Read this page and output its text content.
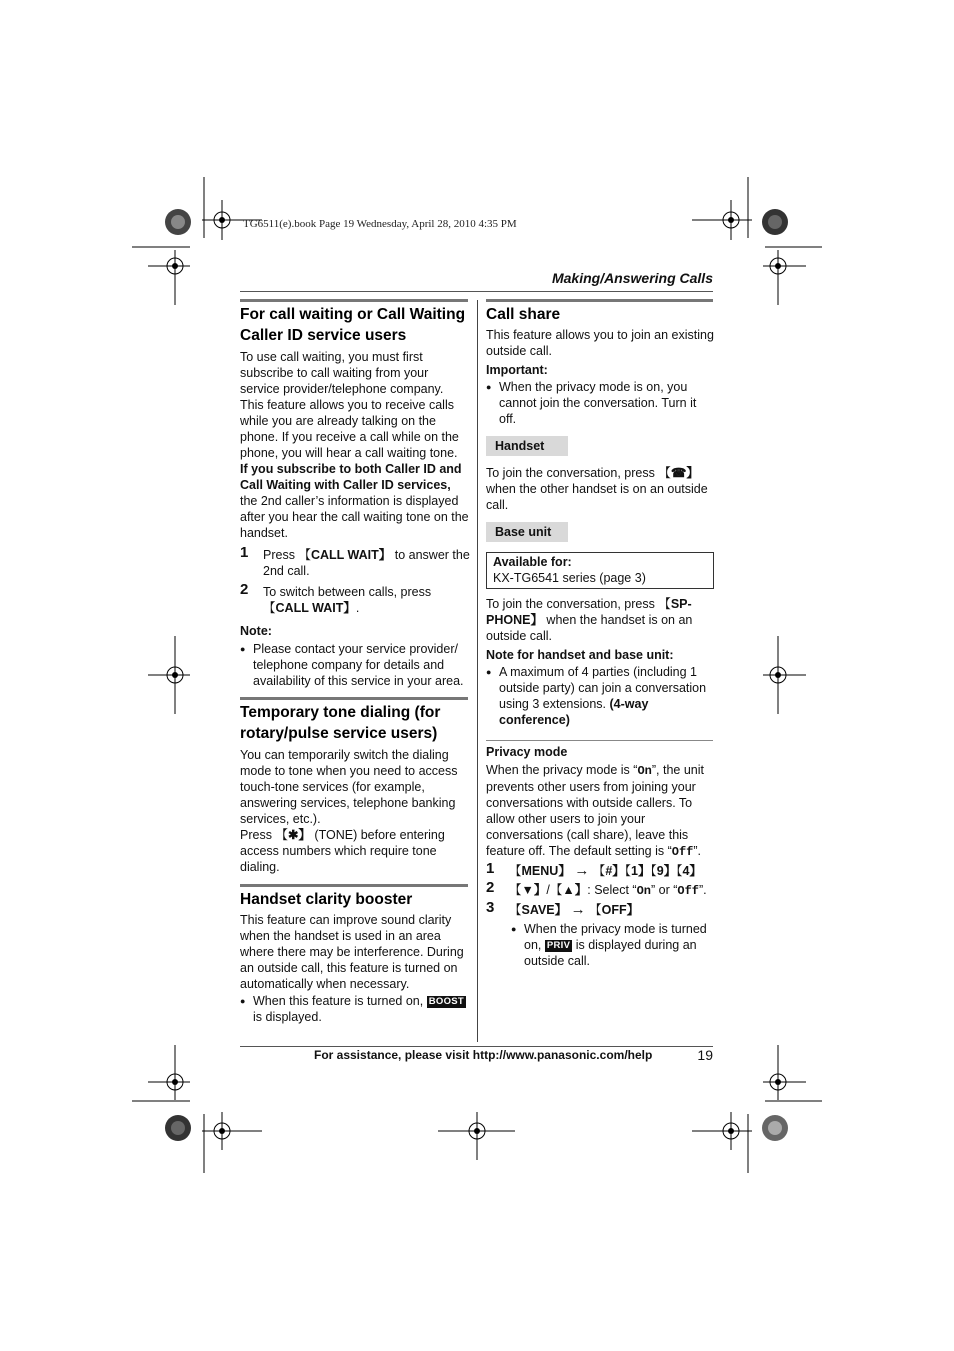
TG6511(e).book Page 19 Wednesday, April 28, 2010 4:35 PM
Making/Answering Calls
For call waiting or Call Waiting
Caller ID service users
To use call waiting, you must first subscribe to call waiting from your service provider/telephone company. This feature allows you to receive calls while you are already talking on the phone. If you receive a call while on the phone, you will hear a call waiting tone.
If you subscribe to both Caller ID and Call Waiting with Caller ID services, the 2nd caller’s information is displayed after you hear the call waiting tone on the handset.
1 Press 【 CALL WAIT】 to answer the 2nd call.
2 To switch between calls, press
【 CALL WAIT】.
Note:
● Please contact your service provider/ telephone company for details and availability of this service in your area.
Temporary tone dialing (for
rotary/pulse service users)
You can temporarily switch the dialing mode to tone when you need to access touch-tone services (for example, answering services, telephone banking services, etc.).
Press 【 ✱】 (TONE) before entering access numbers which require tone dialing.
Handset clarity booster
This feature can improve sound clarity when the handset is used in an area where there may be interference. During an outside call, this feature is turned on automatically when necessary.
● When this feature is turned on, BOOST
is displayed.
Call share
This feature allows you to join an existing outside call.
Important:
● When the privacy mode is on, you cannot join the conversation. Turn it off.
Handset
To join the conversation, press 【 ☎】
when the other handset is on an outside call.
Base unit
Available for:
KX-TG6541 series (page 3)
To join the conversation, press 【 SP-PHONE】 when the handset is on an outside call.
Note for handset and base unit:
● A maximum of 4 parties (including 1 outside party) can join a conversation using 3 extensions. (4-way conference)
Privacy mode
When the privacy mode is “On”, the unit prevents other users from joining your conversations with outside callers. To allow other users to join your conversations (call share), leave this feature off. The default setting is “Off”.
1 【 MENU】 → 【 #】 【 1】 【 9】 【 4】
2 【 ▼】/ 【 ▲】: Select “On” or “Off”.
3 【 SAVE】 → 【 OFF】
● When the privacy mode is turned on, PRIV is displayed during an outside call.
For assistance, please visit http://www.panasonic.com/help	19
